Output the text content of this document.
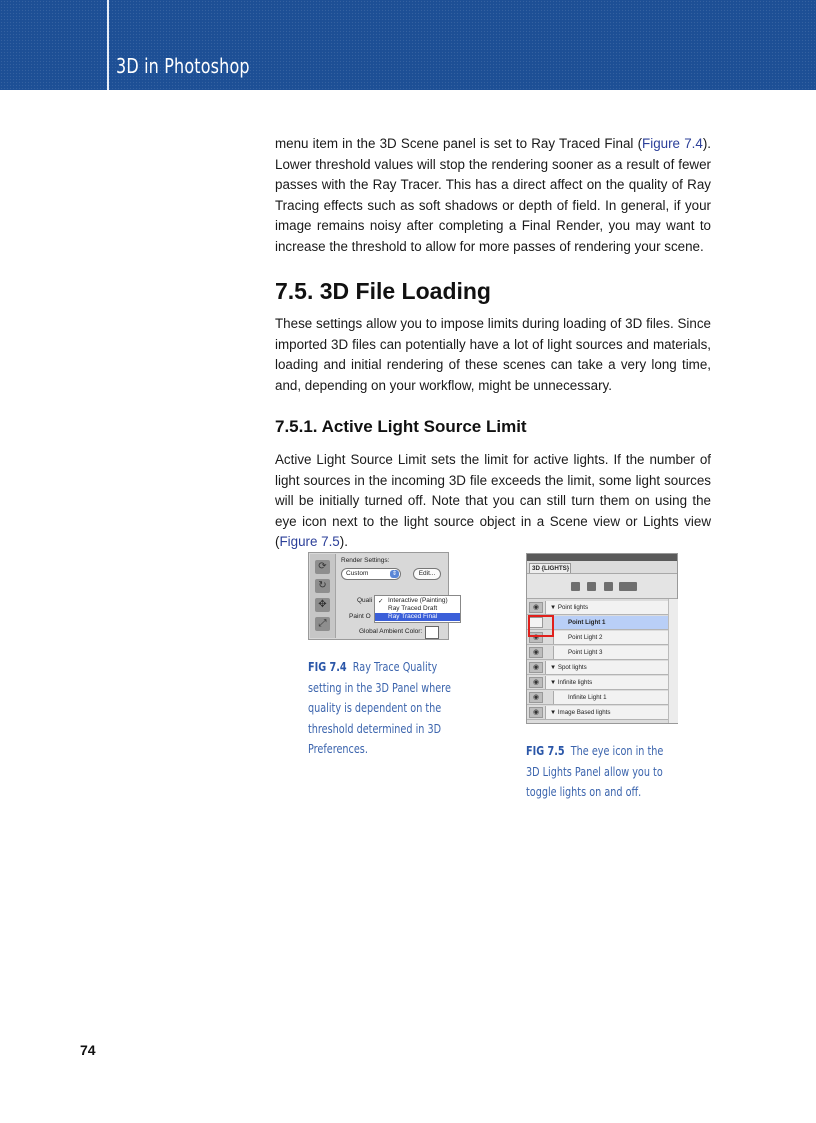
3D in Photoshop

menu item in the 3D Scene panel is set to Ray Traced Final (Figure 7.4). Lower threshold values will stop the rendering sooner as a result of fewer passes with the Ray Tracer. This has a direct affect on the quality of Ray Tracing effects such as soft shadows or depth of field. In general, if your image remains noisy after completing a Final Render, you may want to increase the threshold to allow for more passes of rendering your scene.

7.5. 3D File Loading

These settings allow you to impose limits during loading of 3D files. Since imported 3D files can potentially have a lot of light sources and materials, loading and initial rendering of these scenes can take a very long time, and, depending on your workflow, might be unnecessary.

7.5.1. Active Light Source Limit

Active Light Source Limit sets the limit for active lights. If the number of light sources in the incoming 3D file exceeds the limit, some light sources will be initially turned off. Note that you can still turn them on using the eye icon next to the light source object in a Scene view or Lights view (Figure 7.5).

⟳
↻
✥
⤢
Render Settings:
Custom	⇕	Edit...
Quali
Paint O
Global Ambient Color:
✓ Interactive (Painting)
Ray Traced Draft
Ray Traced Final
FIG 7.4 Ray Trace Quality setting in the 3D Panel where quality is dependent on the threshold determined in 3D Preferences.
3D {LIGHTS}
◉	▼ Point lights
Point Light 1
◉	Point Light 2
◉	Point Light 3
◉	▼ Spot lights
◉	▼ Infinite lights
◉	Infinite Light 1
◉	▼ Image Based lights
FIG 7.5 The eye icon in the 3D Lights Panel allow you to toggle lights on and off.
74
